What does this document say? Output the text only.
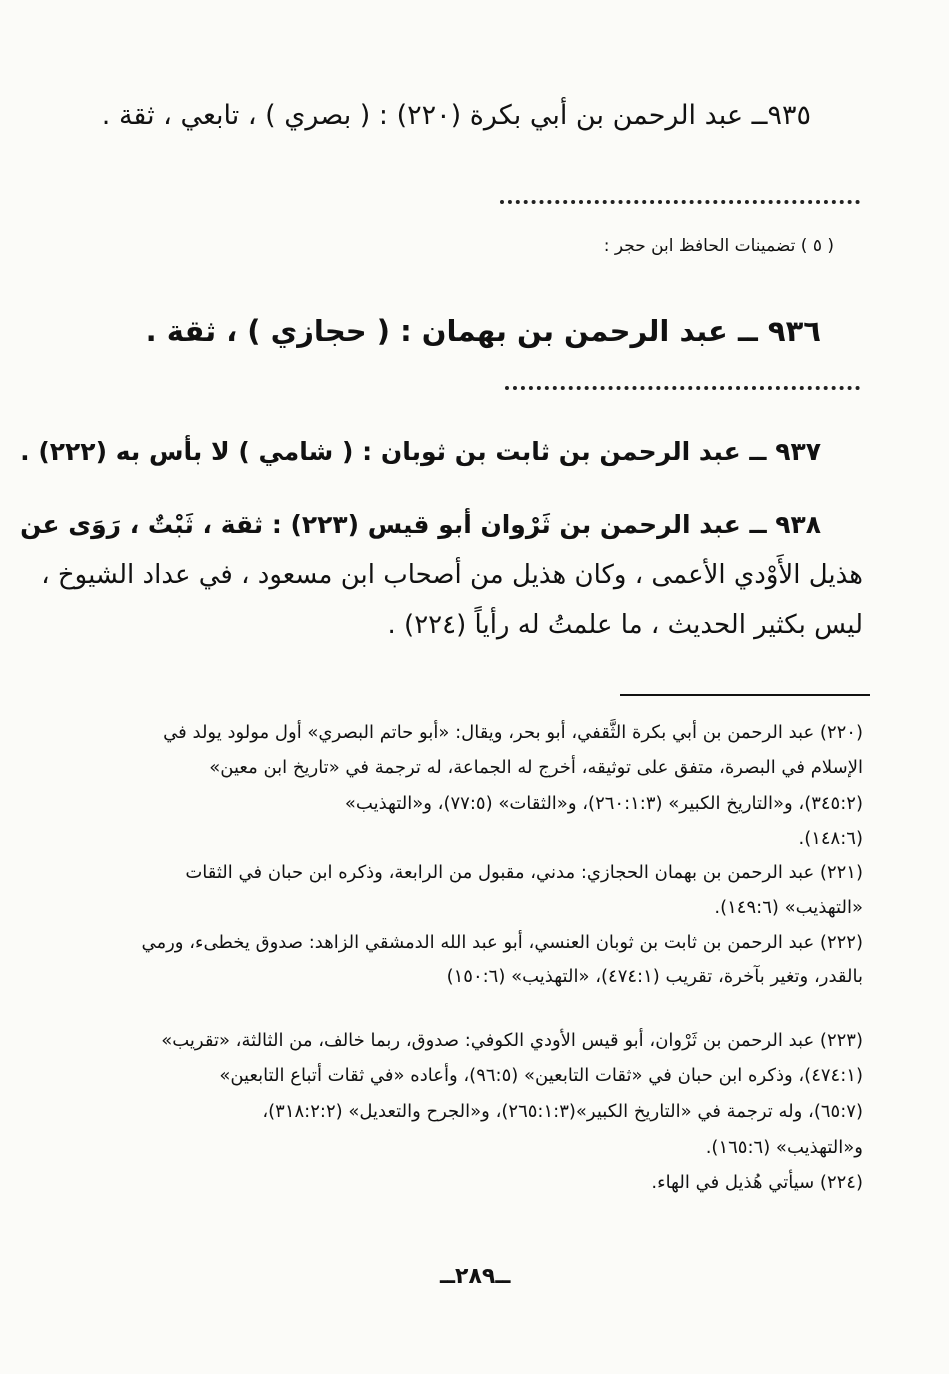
٩٣٥ــ عبد الرحمن بن أبي بكرة (٢٢٠) : ( بصري ) ، تابعي ، ثقة .
( ٥ ) تضمينات الحافظ ابن حجر :
٩٣٦ ــ عبد الرحمن بن بهمان : ( حجازي ) ، ثقة .
٩٣٧ ــ عبد الرحمن بن ثابت بن ثوبان : ( شامي ) لا بأس به (٢٢٢) .
٩٣٨ ــ عبد الرحمن بن ثَرْوان أبو قيس (٢٢٣) : ثقة ، ثَبْتٌ ، رَوَى عن
هذيل الأَوْدي الأعمى ، وكان هذيل من أصحاب ابن مسعود ، في عداد الشيوخ ،
ليس بكثير الحديث ، ما علمتُ له رأياً (٢٢٤) .
(٢٢٠) عبد الرحمن بن أبي بكرة الثَّقفي، أبو بحر، ويقال: «أبو حاتم البصري» أول مولود يولد في
الإسلام في البصرة، متفق على توثيقه، أخرج له الجماعة، له ترجمة في «تاريخ ابن معين»
(٣٤٥:٢)، و«التاريخ الكبير» (٢٦٠:١:٣)، و«الثقات» (٧٧:٥)، و«التهذيب»
(١٤٨:٦).
(٢٢١) عبد الرحمن بن بهمان الحجازي: مدني، مقبول من الرابعة، وذكره ابن حبان في الثقات
«التهذيب» (١٤٩:٦).
(٢٢٢) عبد الرحمن بن ثابت بن ثوبان العنسي، أبو عبد الله الدمشقي الزاهد: صدوق يخطىء، ورمي
بالقدر، وتغير بآخرة، تقريب (٤٧٤:١)، «التهذيب» (١٥٠:٦)
(٢٢٣) عبد الرحمن بن ثَرْوان، أبو قيس الأودي الكوفي: صدوق، ربما خالف، من الثالثة، «تقريب»
(٤٧٤:١)، وذكره ابن حبان في «ثقات التابعين» (٩٦:٥)، وأعاده «في ثقات أتباع التابعين»
(٦٥:٧)، وله ترجمة في «التاريخ الكبير»(٢٦٥:١:٣)، و«الجرح والتعديل» (٣١٨:٢:٢)،
و«التهذيب» (١٦٥:٦).
(٢٢٤) سيأتي هُذيل في الهاء.
ــ٢٨٩ــ
